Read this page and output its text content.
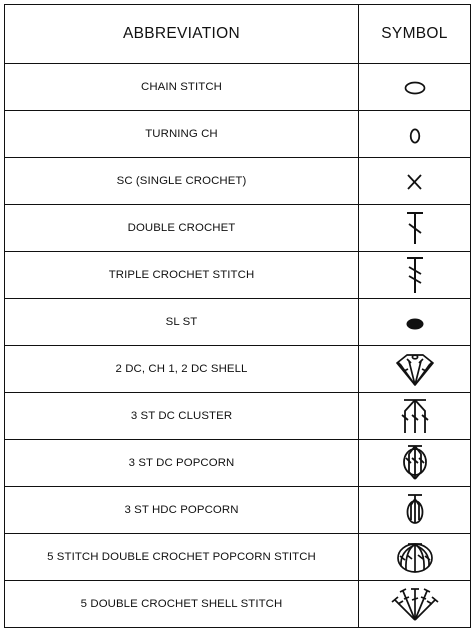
ABBREVIATION	SYMBOL
CHAIN STITCH	

TURNING CH	

SC (SINGLE CROCHET)	

DOUBLE CROCHET	

TRIPLE CROCHET STITCH	

SL ST	

2 DC, CH 1, 2 DC SHELL	

3 ST DC CLUSTER	

3 ST DC POPCORN	

3 ST HDC POPCORN	

5 STITCH DOUBLE CROCHET POPCORN STITCH	

5 DOUBLE CROCHET SHELL STITCH	
